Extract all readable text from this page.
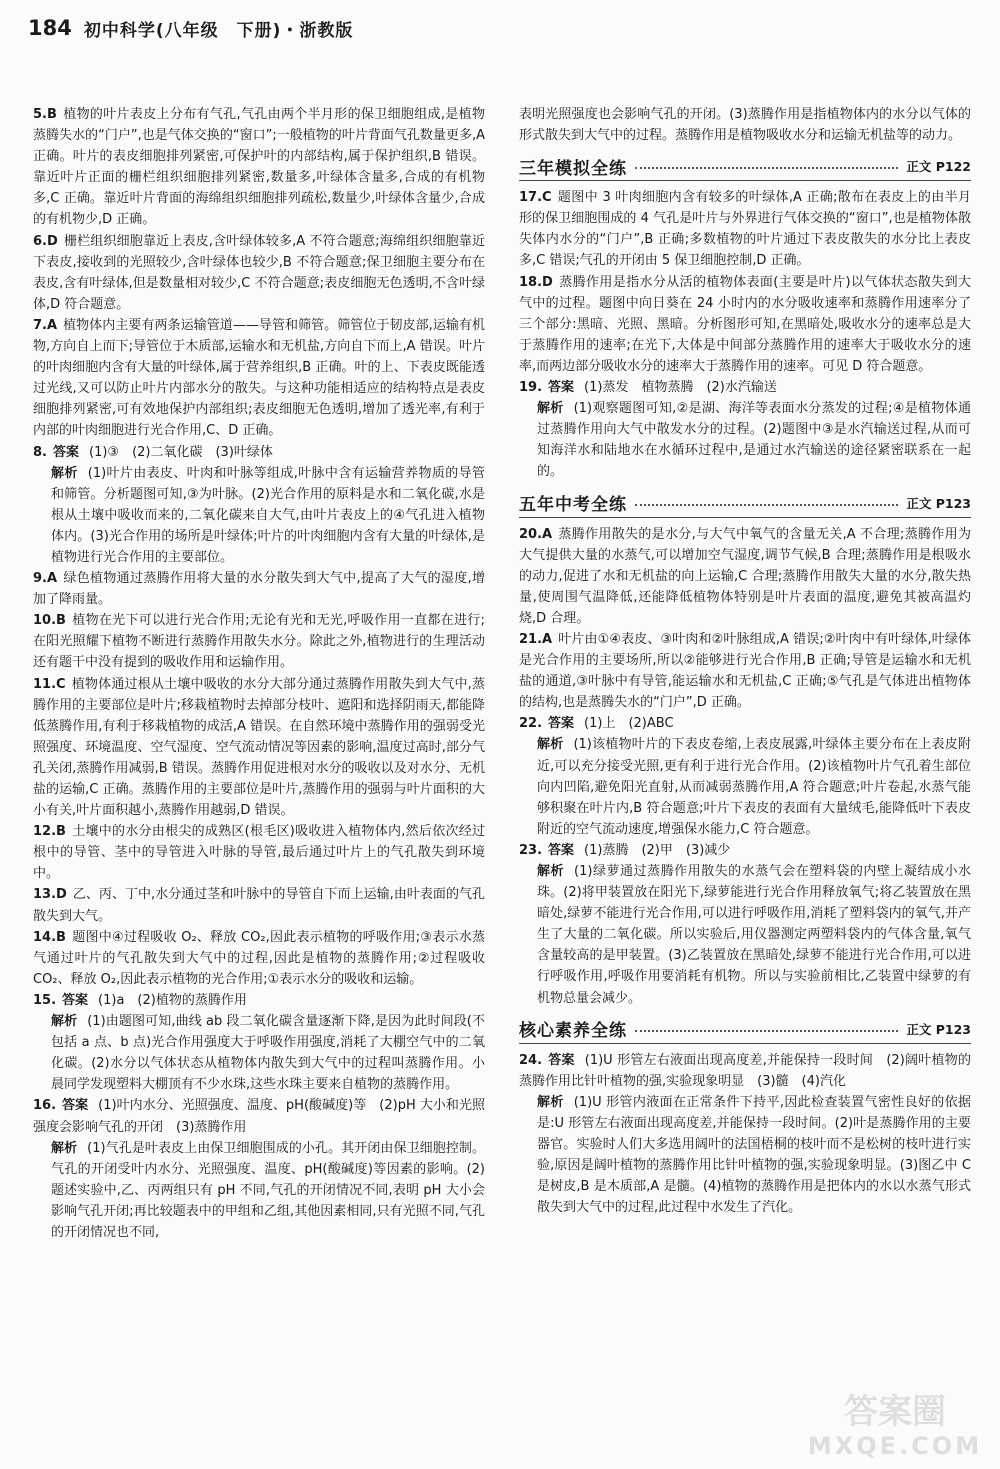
184 初中科学(八年级　下册)・浙教版

5.B 植物的叶片表皮上分布有气孔,气孔由两个半月形的保卫细胞组成,是植物蒸腾失水的“门户”,也是气体交换的“窗口”;一般植物的叶片背面气孔数量更多,A 正确。叶片的表皮细胞排列紧密,可保护叶的内部结构,属于保护组织,B 错误。靠近叶片正面的栅栏组织细胞排列紧密,数量多,叶绿体含量多,合成的有机物多,C 正确。靠近叶片背面的海绵组织细胞排列疏松,数量少,叶绿体含量少,合成的有机物少,D 正确。

6.D 栅栏组织细胞靠近上表皮,含叶绿体较多,A 不符合题意;海绵组织细胞靠近下表皮,接收到的光照较少,含叶绿体也较少,B 不符合题意;保卫细胞主要分布在表皮,含有叶绿体,但是数量相对较少,C 不符合题意;表皮细胞无色透明,不含叶绿体,D 符合题意。

7.A 植物体内主要有两条运输管道——导管和筛管。筛管位于韧皮部,运输有机物,方向自上而下;导管位于木质部,运输水和无机盐,方向自下而上,A 错误。叶片的叶肉细胞内含有大量的叶绿体,属于营养组织,B 正确。叶的上、下表皮既能透过光线,又可以防止叶片内部水分的散失。与这种功能相适应的结构特点是表皮细胞排列紧密,可有效地保护内部组织;表皮细胞无色透明,增加了透光率,有利于内部的叶肉细胞进行光合作用,C、D 正确。

8. 答案 (1)③　(2)二氧化碳　(3)叶绿体

解析 (1)叶片由表皮、叶肉和叶脉等组成,叶脉中含有运输营养物质的导管和筛管。分析题图可知,③为叶脉。(2)光合作用的原料是水和二氧化碳,水是根从土壤中吸收而来的,二氧化碳来自大气,由叶片表皮上的④气孔进入植物体内。(3)光合作用的场所是叶绿体;叶片的叶肉细胞内含有大量的叶绿体,是植物进行光合作用的主要部位。

9.A 绿色植物通过蒸腾作用将大量的水分散失到大气中,提高了大气的湿度,增加了降雨量。

10.B 植物在光下可以进行光合作用;无论有光和无光,呼吸作用一直都在进行;在阳光照耀下植物不断进行蒸腾作用散失水分。除此之外,植物进行的生理活动还有题干中没有提到的吸收作用和运输作用。

11.C 植物体通过根从土壤中吸收的水分大部分通过蒸腾作用散失到大气中,蒸腾作用的主要部位是叶片;移栽植物时去掉部分枝叶、遮阳和选择阴雨天,都能降低蒸腾作用,有利于移栽植物的成活,A 错误。在自然环境中蒸腾作用的强弱受光照强度、环境温度、空气湿度、空气流动情况等因素的影响,温度过高时,部分气孔关闭,蒸腾作用减弱,B 错误。蒸腾作用促进根对水分的吸收以及对水分、无机盐的运输,C 正确。蒸腾作用的主要部位是叶片,蒸腾作用的强弱与叶片面积的大小有关,叶片面积越小,蒸腾作用越弱,D 错误。

12.B 土壤中的水分由根尖的成熟区(根毛区)吸收进入植物体内,然后依次经过根中的导管、茎中的导管进入叶脉的导管,最后通过叶片上的气孔散失到环境中。

13.D 乙、丙、丁中,水分通过茎和叶脉中的导管自下而上运输,由叶表面的气孔散失到大气。

14.B 题图中④过程吸收 O₂、释放 CO₂,因此表示植物的呼吸作用;③表示水蒸气通过叶片的气孔散失到大气中的过程,因此是植物的蒸腾作用;②过程吸收 CO₂、释放 O₂,因此表示植物的光合作用;①表示水分的吸收和运输。

15. 答案 (1)a　(2)植物的蒸腾作用

解析 (1)由题图可知,曲线 ab 段二氧化碳含量逐渐下降,是因为此时间段(不包括 a 点、b 点)光合作用强度大于呼吸作用强度,消耗了大棚空气中的二氧化碳。(2)水分以气体状态从植物体内散失到大气中的过程叫蒸腾作用。小晨同学发现塑料大棚顶有不少水珠,这些水珠主要来自植物的蒸腾作用。

16. 答案 (1)叶内水分、光照强度、温度、pH(酸碱度)等　(2)pH 大小和光照强度会影响气孔的开闭　(3)蒸腾作用

解析 (1)气孔是叶表皮上由保卫细胞围成的小孔。其开闭由保卫细胞控制。气孔的开闭受叶内水分、光照强度、温度、pH(酸碱度)等因素的影响。(2)题述实验中,乙、丙两组只有 pH 不同,气孔的开闭情况不同,表明 pH 大小会影响气孔开闭;再比较题表中的甲组和乙组,其他因素相同,只有光照不同,气孔的开闭情况也不同,

表明光照强度也会影响气孔的开闭。(3)蒸腾作用是指植物体内的水分以气体的形式散失到大气中的过程。蒸腾作用是植物吸收水分和运输无机盐等的动力。

三年模拟全练	正文 P122

17.C 题图中 3 叶肉细胞内含有较多的叶绿体,A 正确;散布在表皮上的由半月形的保卫细胞围成的 4 气孔是叶片与外界进行气体交换的“窗口”,也是植物体散失体内水分的“门户”,B 正确;多数植物的叶片通过下表皮散失的水分比上表皮多,C 错误;气孔的开闭由 5 保卫细胞控制,D 正确。

18.D 蒸腾作用是指水分从活的植物体表面(主要是叶片)以气体状态散失到大气中的过程。题图中向日葵在 24 小时内的水分吸收速率和蒸腾作用速率分了三个部分:黑暗、光照、黑暗。分析图形可知,在黑暗处,吸收水分的速率总是大于蒸腾作用的速率;在光下,大体是中间部分蒸腾作用的速率大于吸收水分的速率,而两边部分吸收水分的速率大于蒸腾作用的速率。可见 D 符合题意。

19. 答案 (1)蒸发　植物蒸腾　(2)水汽输送

解析 (1)观察题图可知,②是湖、海洋等表面水分蒸发的过程;④是植物体通过蒸腾作用向大气中散发水分的过程。(2)题图中③是水汽输送过程,从而可知海洋水和陆地水在水循环过程中,是通过水汽输送的途径紧密联系在一起的。

五年中考全练	正文 P123

20.A 蒸腾作用散失的是水分,与大气中氧气的含量无关,A 不合理;蒸腾作用为大气提供大量的水蒸气,可以增加空气湿度,调节气候,B 合理;蒸腾作用是根吸水的动力,促进了水和无机盐的向上运输,C 合理;蒸腾作用散失大量的水分,散失热量,使周围气温降低,还能降低植物体特别是叶片表面的温度,避免其被高温灼烧,D 合理。

21.A 叶片由①④表皮、③叶肉和②叶脉组成,A 错误;②叶肉中有叶绿体,叶绿体是光合作用的主要场所,所以②能够进行光合作用,B 正确;导管是运输水和无机盐的通道,③叶脉中有导管,能运输水和无机盐,C 正确;⑤气孔是气体进出植物体的结构,也是蒸腾失水的“门户”,D 正确。

22. 答案 (1)上　(2)ABC

解析 (1)该植物叶片的下表皮卷缩,上表皮展露,叶绿体主要分布在上表皮附近,可以充分接受光照,更有利于进行光合作用。(2)该植物叶片气孔着生部位向内凹陷,避免阳光直射,从而减弱蒸腾作用,A 符合题意;叶片卷起,水蒸气能够积聚在叶片内,B 符合题意;叶片下表皮的表面有大量绒毛,能降低叶下表皮附近的空气流动速度,增强保水能力,C 符合题意。

23. 答案 (1)蒸腾　(2)甲　(3)减少

解析 (1)绿萝通过蒸腾作用散失的水蒸气会在塑料袋的内壁上凝结成小水珠。(2)将甲装置放在阳光下,绿萝能进行光合作用释放氧气;将乙装置放在黑暗处,绿萝不能进行光合作用,可以进行呼吸作用,消耗了塑料袋内的氧气,并产生了大量的二氧化碳。所以实验后,用仪器测定两塑料袋内的气体含量,氧气含量较高的是甲装置。(3)乙装置放在黑暗处,绿萝不能进行光合作用,可以进行呼吸作用,呼吸作用要消耗有机物。所以与实验前相比,乙装置中绿萝的有机物总量会减少。

核心素养全练	正文 P123

24. 答案 (1)U 形管左右液面出现高度差,并能保持一段时间　(2)阔叶植物的蒸腾作用比针叶植物的强,实验现象明显　(3)髓　(4)汽化

解析 (1)U 形管内液面在正常条件下持平,因此检查装置气密性良好的依据是:U 形管左右液面出现高度差,并能保持一段时间。(2)叶是蒸腾作用的主要器官。实验时人们大多选用阔叶的法国梧桐的枝叶而不是松树的枝叶进行实验,原因是阔叶植物的蒸腾作用比针叶植物的强,实验现象明显。(3)图乙中 C 是树皮,B 是木质部,A 是髓。(4)植物的蒸腾作用是把体内的水以水蒸气形式散失到大气中的过程,此过程中水发生了汽化。

答案圈
MXQE.COM
